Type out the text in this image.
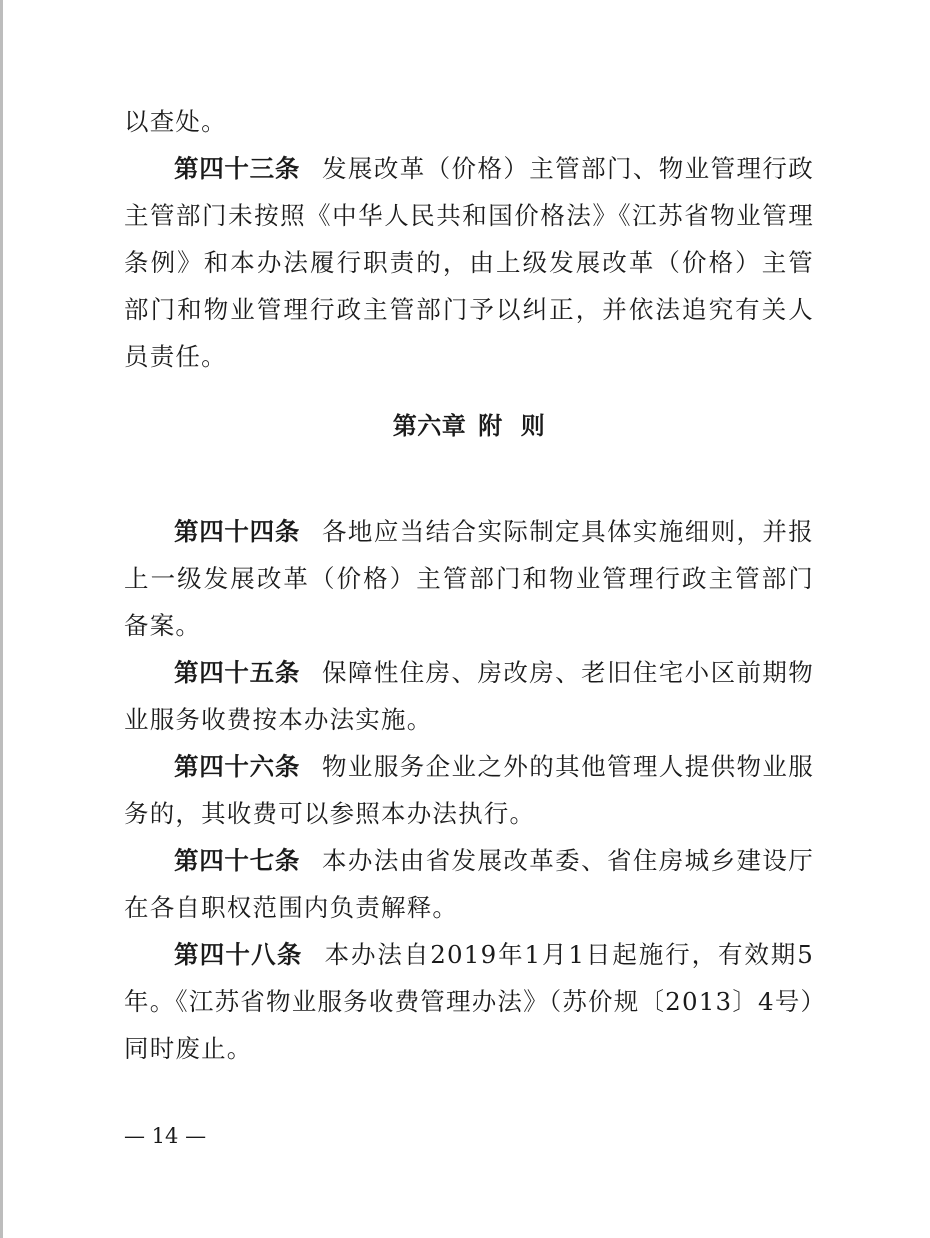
以查处。

第四十三条 发展改革（价格）主管部门、物业管理行政主管部门未按照《中华人民共和国价格法》《江苏省物业管理条例》和本办法履行职责的，由上级发展改革（价格）主管部门和物业管理行政主管部门予以纠正，并依法追究有关人员责任。

第六章 附 则

第四十四条 各地应当结合实际制定具体实施细则，并报上一级发展改革（价格）主管部门和物业管理行政主管部门备案。

第四十五条 保障性住房、房改房、老旧住宅小区前期物业服务收费按本办法实施。

第四十六条 物业服务企业之外的其他管理人提供物业服务的，其收费可以参照本办法执行。

第四十七条 本办法由省发展改革委、省住房城乡建设厅在各自职权范围内负责解释。

第四十八条 本办法自2019年1月1日起施行，有效期5年。《江苏省物业服务收费管理办法》（苏价规〔2013〕4号）同时废止。

— 14 —
